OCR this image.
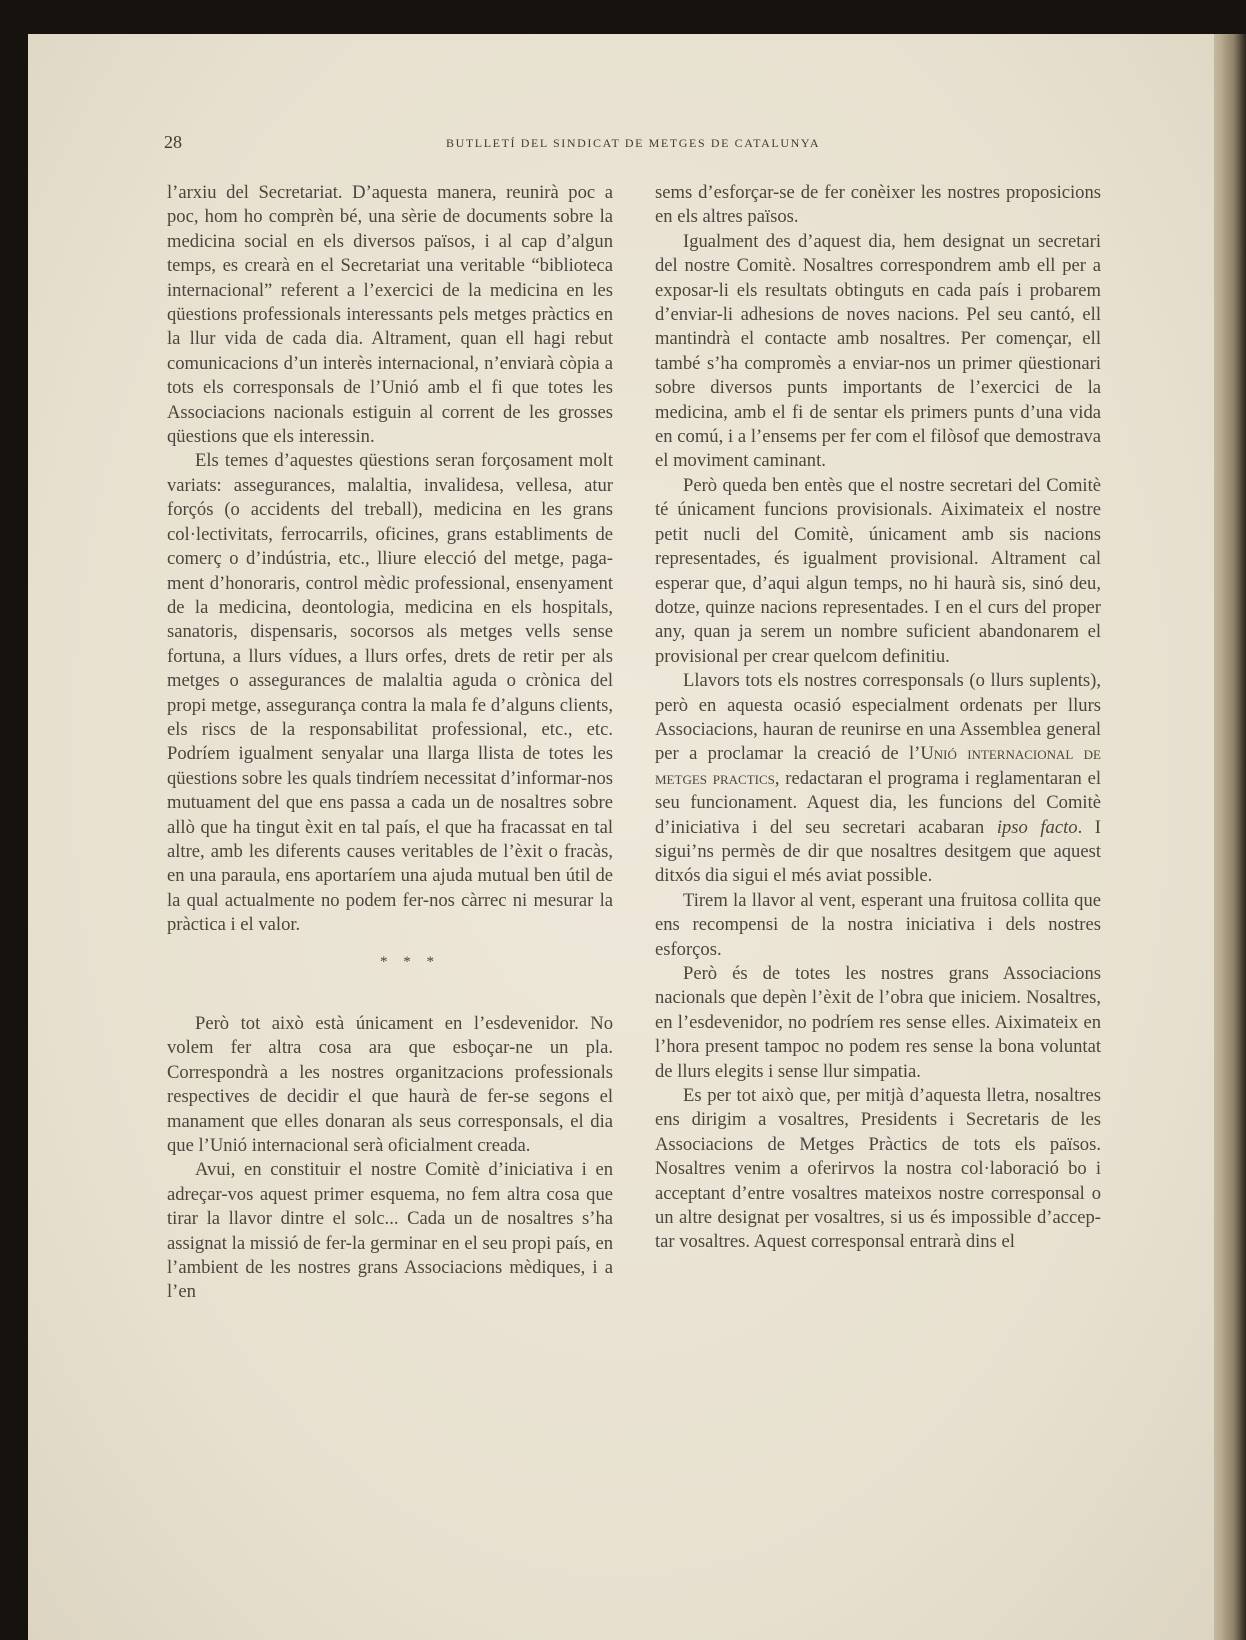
28	BUTLLETÍ DEL SINDICAT DE METGES DE CATALUNYA

l’arxiu del Secretariat. D’aquesta manera, reunirà poc a poc, hom ho comprèn bé, una sèrie de documents sobre la medicina social en els diversos països, i al cap d’algun temps, es crearà en el Secretariat una veritable “biblioteca internacional” referent a l’exercici de la medicina en les qüestions professionals interessants pels metges pràctics en la llur vida de cada dia. Altrament, quan ell hagi rebut comunicacions d’un interès internacional, n’enviarà còpia a tots els corresponsals de l’Unió amb el fi que totes les Associacions nacionals estiguin al corrent de les grosses qüestions que els interessin.

Els temes d’aquestes qüestions seran forçosament molt variats: assegurances, malaltia, invalidesa, vellesa, atur forçós (o accidents del treball), medicina en les grans col·lectivitats, ferrocarrils, oficines, grans establiments de comerç o d’indústria, etc., lliure elecció del metge, pagament d’honoraris, control mèdic professional, ensenyament de la medicina, deontologia, medicina en els hospitals, sanatoris, dispensaris, socorsos als metges vells sense fortuna, a llurs vídues, a llurs orfes, drets de retir per als metges o assegurances de malaltia aguda o crònica del propi metge, assegurança contra la mala fe d’alguns clients, els riscs de la responsabilitat professional, etc., etc. Podríem igualment senyalar una llarga llista de totes les qüestions sobre les quals tindríem necessitat d’informar-nos mutuament del que ens passa a cada un de nosaltres sobre allò que ha tingut èxit en tal país, el que ha fracassat en tal altre, amb les diferents causes veritables de l’èxit o fracàs, en una paraula, ens aportaríem una ajuda mutual ben útil de la qual actualmente no podem fer-nos càrrec ni mesurar la pràctica i el valor.

* * *

Però tot això està únicament en l’esdevenidor. No volem fer altra cosa ara que esboçar-ne un pla. Correspondrà a les nostres organitzacions professionals respectives de decidir el que haurà de fer-se segons el manament que elles donaran als seus corresponsals, el dia que l’Unió internacional serà oficialment creada.

Avui, en constituir el nostre Comitè d’iniciativa i en adreçar-vos aquest primer esquema, no fem altra cosa que tirar la llavor dintre el solc... Cada un de nosaltres s’ha assignat la missió de fer-la germinar en el seu propi país, en l’ambient de les nostres grans Associacions mèdiques, i a l’en

sems d’esforçar-se de fer conèixer les nostres proposicions en els altres països.

Igualment des d’aquest dia, hem designat un secretari del nostre Comitè. Nosaltres correspondrem amb ell per a exposar-li els resultats obtinguts en cada país i probarem d’enviar-li adhesions de noves nacions. Pel seu cantó, ell mantindrà el contacte amb nosaltres. Per començar, ell també s’ha compromès a enviar-nos un primer qüestionari sobre diversos punts importants de l’exercici de la medicina, amb el fi de sentar els primers punts d’una vida en comú, i a l’ensems per fer com el filòsof que demostrava el moviment caminant.

Però queda ben entès que el nostre secretari del Comitè té únicament funcions provisionals. Aiximateix el nostre petit nucli del Comitè, únicament amb sis nacions representades, és igualment provisional. Altrament cal esperar que, d’aqui algun temps, no hi haurà sis, sinó deu, dotze, quinze nacions representades. I en el curs del proper any, quan ja serem un nombre suficient abandonarem el provisional per crear quelcom definitiu.

Llavors tots els nostres corresponsals (o llurs suplents), però en aquesta ocasió especialment ordenats per llurs Associacions, hauran de reunirse en una Assemblea general per a proclamar la creació de l’Unió internacional de metges practics, redactaran el programa i reglamentaran el seu funcionament. Aquest dia, les funcions del Comitè d’iniciativa i del seu secretari acabaran ipso facto. I sigui’ns permès de dir que nosaltres desitgem que aquest ditxós dia sigui el més aviat possible.

Tirem la llavor al vent, esperant una fruitosa collita que ens recompensi de la nostra iniciativa i dels nostres esforços.

Però és de totes les nostres grans Associacions nacionals que depèn l’èxit de l’obra que iniciem. Nosaltres, en l’esdevenidor, no podríem res sense elles. Aiximateix en l’hora present tampoc no podem res sense la bona voluntat de llurs elegits i sense llur simpatia.

Es per tot això que, per mitjà d’aquesta lletra, nosaltres ens dirigim a vosaltres, Presidents i Secretaris de les Associacions de Metges Pràctics de tots els països. Nosaltres venim a oferirvos la nostra col·laboració bo i acceptant d’entre vosaltres mateixos nostre corresponsal o un altre designat per vosaltres, si us és impossible d’acceptar vosaltres. Aquest corresponsal entrarà dins el
